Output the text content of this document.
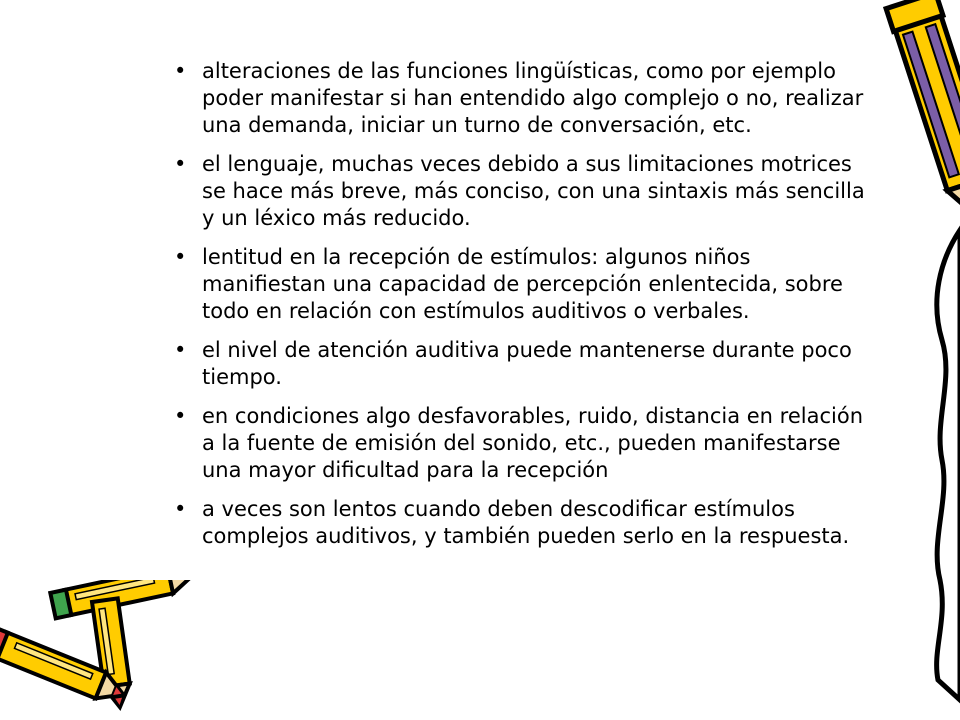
• alteraciones de las funciones lingüísticas, como por ejemplo poder manifestar si han entendido algo complejo o no, realizar una demanda, iniciar un turno de conversación, etc.
• el lenguaje, muchas veces debido a sus limitaciones motrices se hace más breve, más conciso, con una sintaxis más sencilla y un léxico más reducido.
• lentitud en la recepción de estímulos: algunos niños manifiestan una capacidad de percepción enlentecida, sobre todo en relación con estímulos auditivos o verbales.
• el nivel de atención auditiva puede mantenerse durante poco tiempo.
• en condiciones algo desfavorables, ruido, distancia en relación a la fuente de emisión del sonido, etc., pueden manifestarse una mayor dificultad para la recepción
• a veces son lentos cuando deben descodificar estímulos complejos auditivos, y también pueden serlo en la respuesta.
